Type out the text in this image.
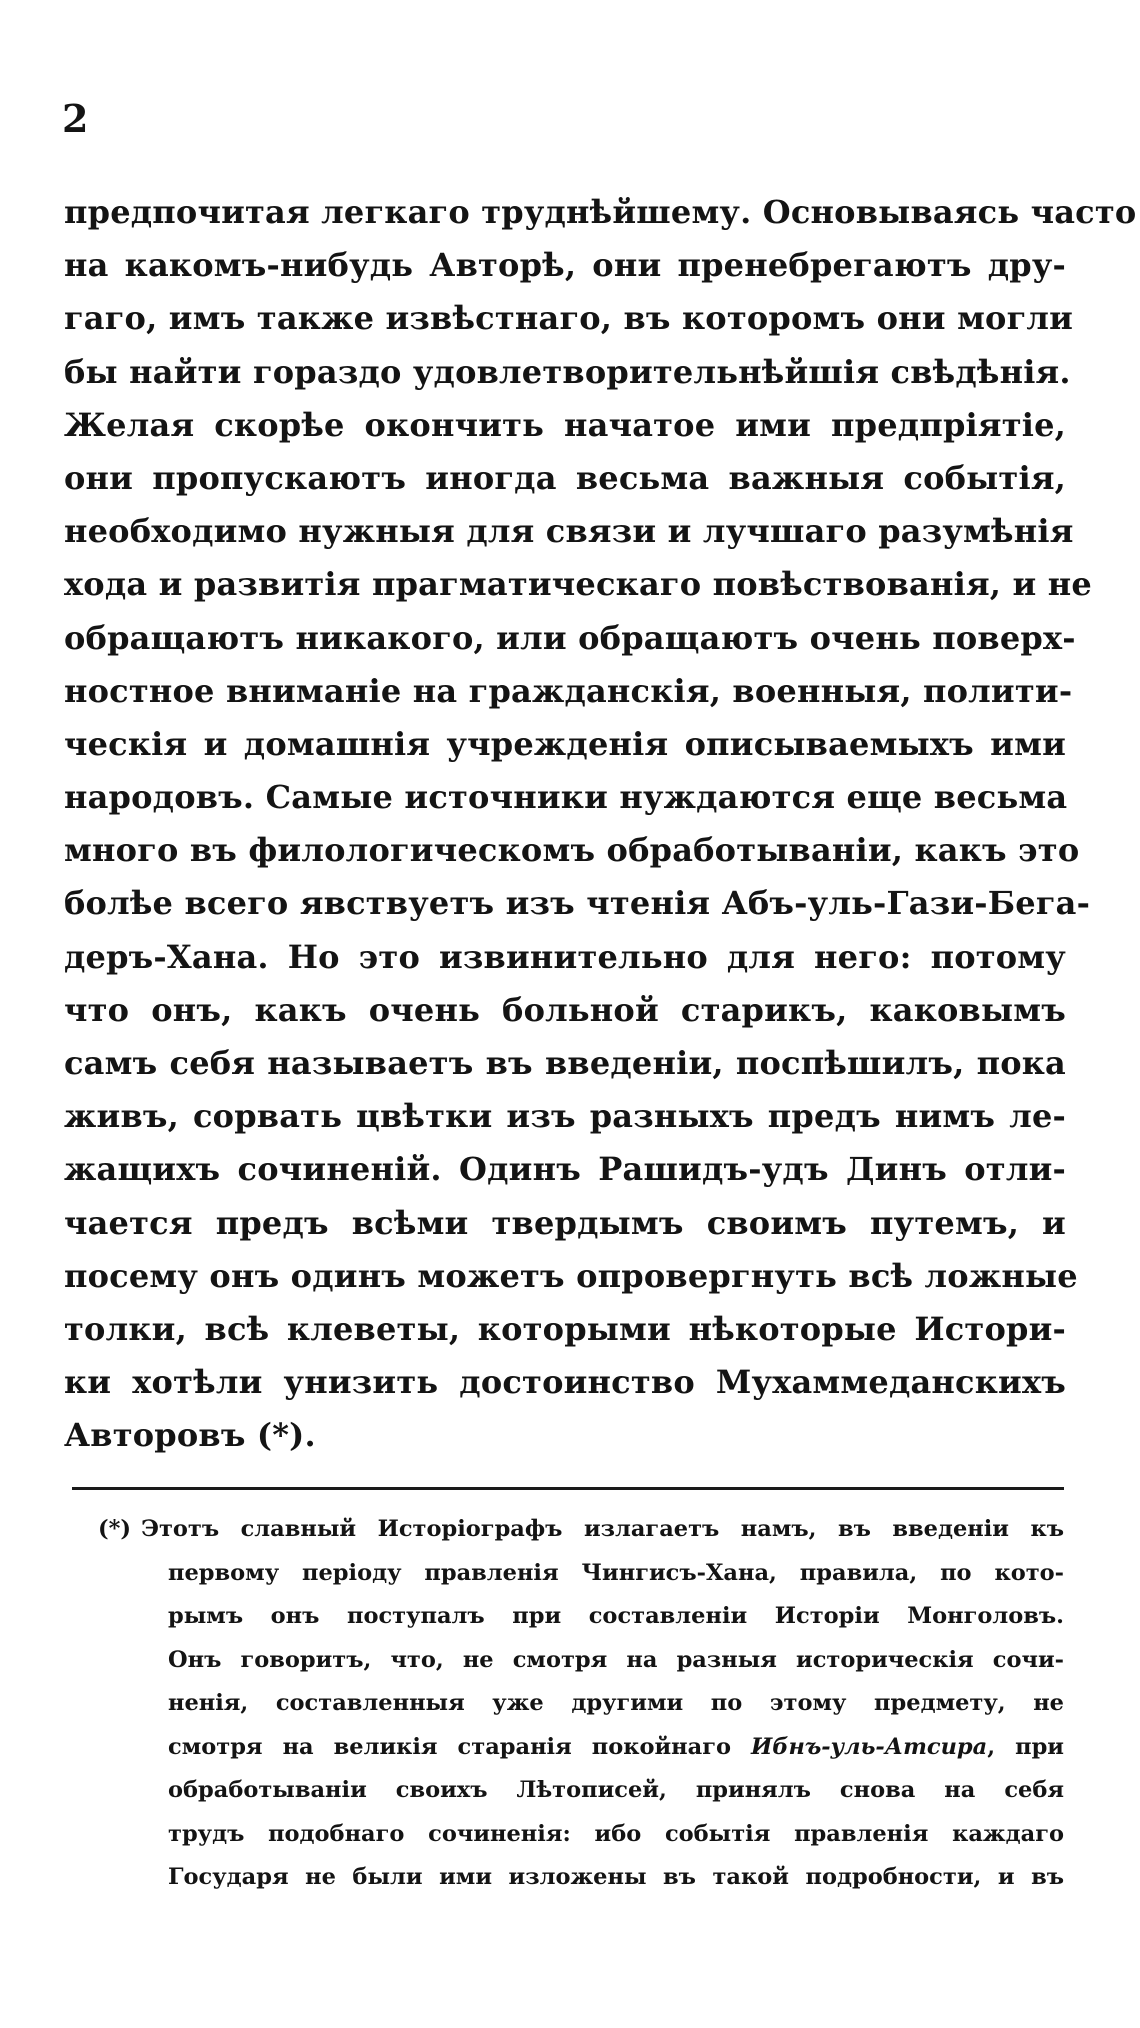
2
предпочитая легкаго труднѣйшему. Основываясь часто
на какомъ-нибудь Авторѣ, они пренебрегаютъ дру-
гаго, имъ также извѣстнаго, въ которомъ они могли
бы найти гораздо удовлетворительнѣйшія свѣдѣнія.
Желая скорѣе окончить начатое ими предпріятіе,
они пропускаютъ иногда весьма важныя событія,
необходимо нужныя для связи и лучшаго разумѣнія
хода и развитія прагматическаго повѣствованія, и не
обращаютъ никакого, или обращаютъ очень поверх-
ностное вниманіе на гражданскія, военныя, полити-
ческія и домашнія учрежденія описываемыхъ ими
народовъ. Самые источники нуждаются еще весьма
много въ филологическомъ обработываніи, какъ это
болѣе всего явствуетъ изъ чтенія Абъ-уль-Гази-Бега-
деръ-Хана. Но это извинительно для него: потому
что онъ, какъ очень больной старикъ, каковымъ
самъ себя называетъ въ введеніи, поспѣшилъ, пока
живъ, сорвать цвѣтки изъ разныхъ предъ нимъ ле-
жащихъ сочиненій. Одинъ Рашидъ-удъ Динъ отли-
чается предъ всѣми твердымъ своимъ путемъ, и
посему онъ одинъ можетъ опровергнуть всѣ ложные
толки, всѣ клеветы, которыми нѣкоторые Истори-
ки хотѣли унизить достоинство Мухаммеданскихъ
Авторовъ (*).
(*) Этотъ славный Исторіографъ излагаетъ намъ, въ введеніи къ
первому періоду правленія Чингисъ-Хана, правила, по кото-
рымъ онъ поступалъ при составленіи Исторіи Монголовъ.
Онъ говоритъ, что, не смотря на разныя историческія сочи-
ненія, составленныя уже другими по этому предмету, не
смотря на великія старанія покойнаго Ибнъ-уль-Атсира, при
обработываніи своихъ Лѣтописей, принялъ снова на себя
трудъ подобнаго сочиненія: ибо событія правленія каждаго
Государя не были ими изложены въ такой подробности, и въ
